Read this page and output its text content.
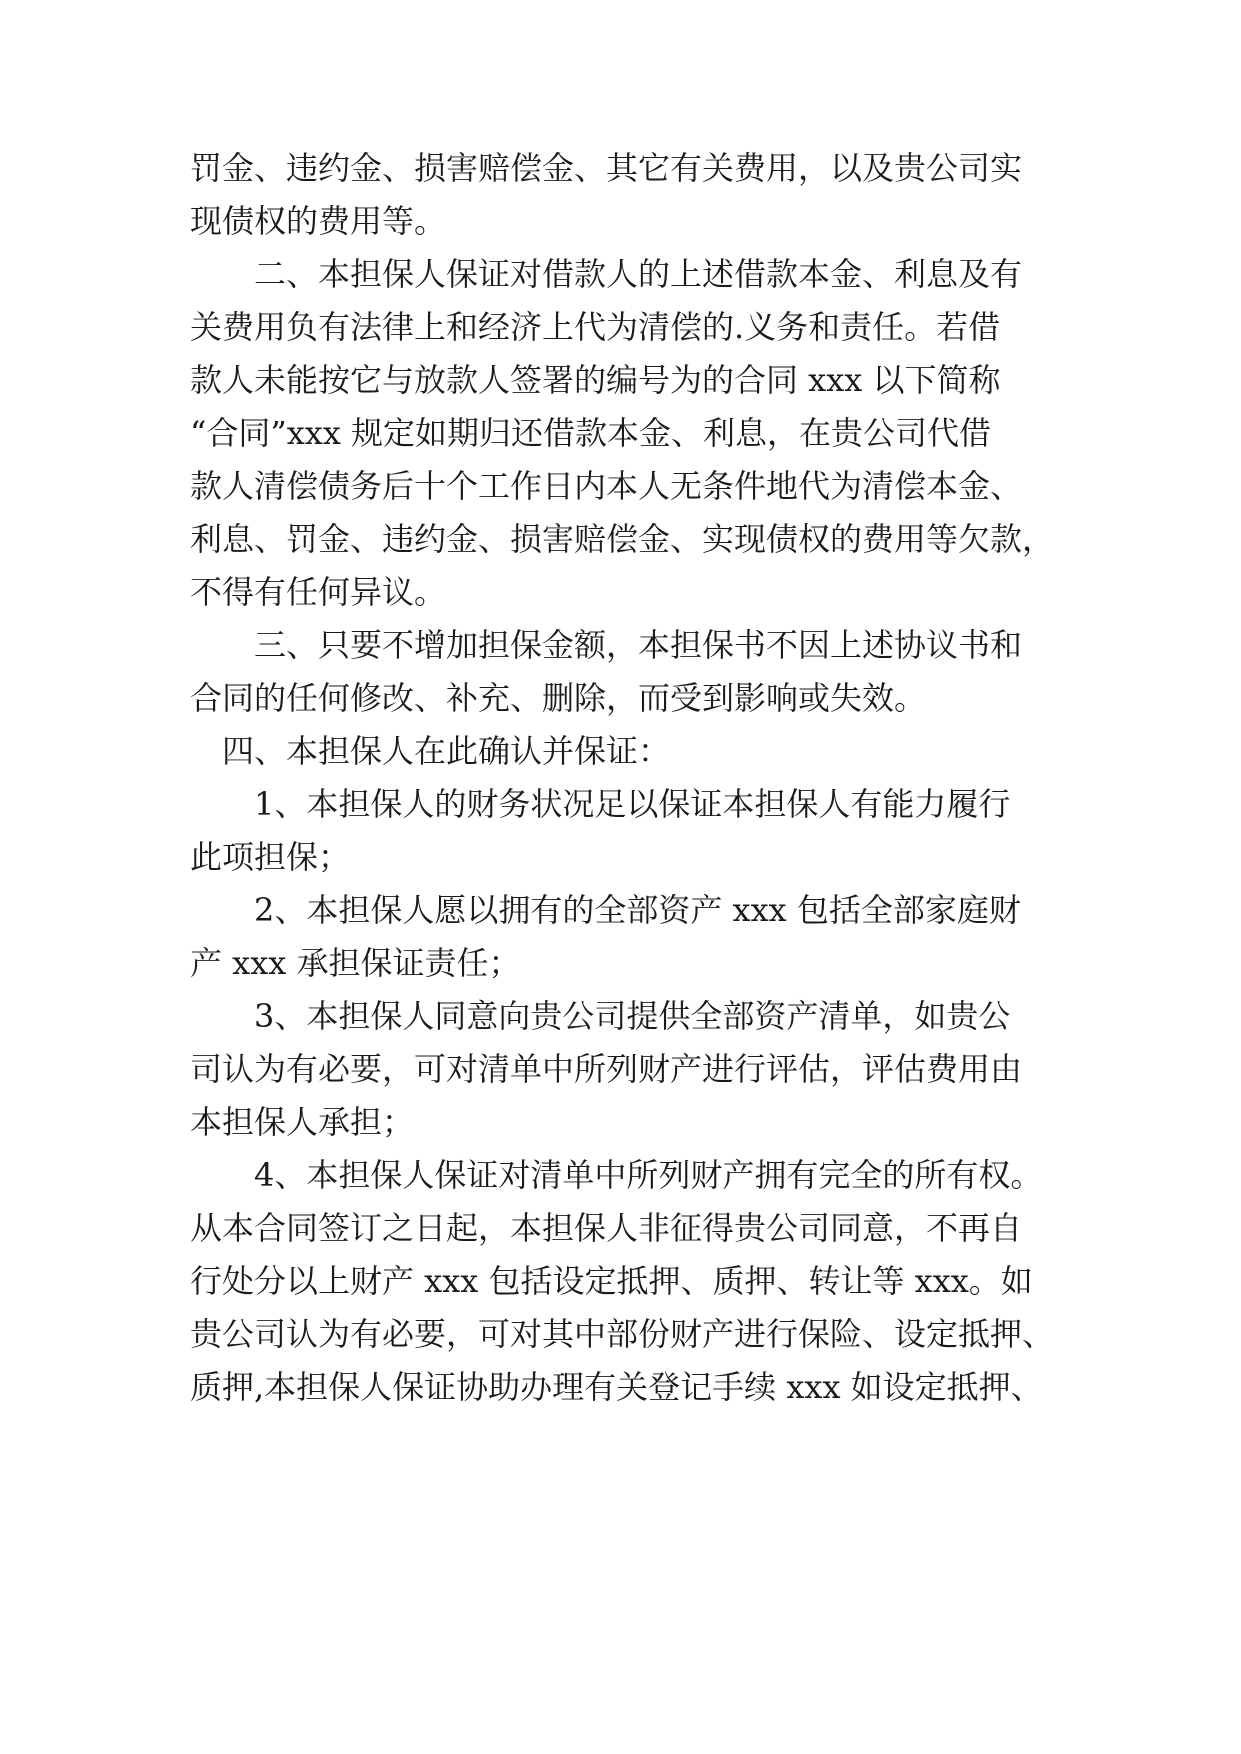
罚金、违约金、损害赔偿金、其它有关费用，以及贵公司实
现债权的费用等。
二、本担保人保证对借款人的上述借款本金、利息及有
关费用负有法律上和经济上代为清偿的.义务和责任。若借
款人未能按它与放款人签署的编号为的合同 xxx 以下简称
“合同”xxx 规定如期归还借款本金、利息，在贵公司代借
款人清偿债务后十个工作日内本人无条件地代为清偿本金、
利息、罚金、违约金、损害赔偿金、实现债权的费用等欠款，
不得有任何异议。
三、只要不增加担保金额，本担保书不因上述协议书和
合同的任何修改、补充、删除，而受到影响或失效。
四、本担保人在此确认并保证：
1、本担保人的财务状况足以保证本担保人有能力履行
此项担保；
2、本担保人愿以拥有的全部资产 xxx 包括全部家庭财
产 xxx 承担保证责任；
3、本担保人同意向贵公司提供全部资产清单，如贵公
司认为有必要，可对清单中所列财产进行评估，评估费用由
本担保人承担；
4、本担保人保证对清单中所列财产拥有完全的所有权。
从本合同签订之日起，本担保人非征得贵公司同意，不再自
行处分以上财产 xxx 包括设定抵押、质押、转让等 xxx。如
贵公司认为有必要，可对其中部份财产进行保险、设定抵押、
质押,本担保人保证协助办理有关登记手续 xxx 如设定抵押、
